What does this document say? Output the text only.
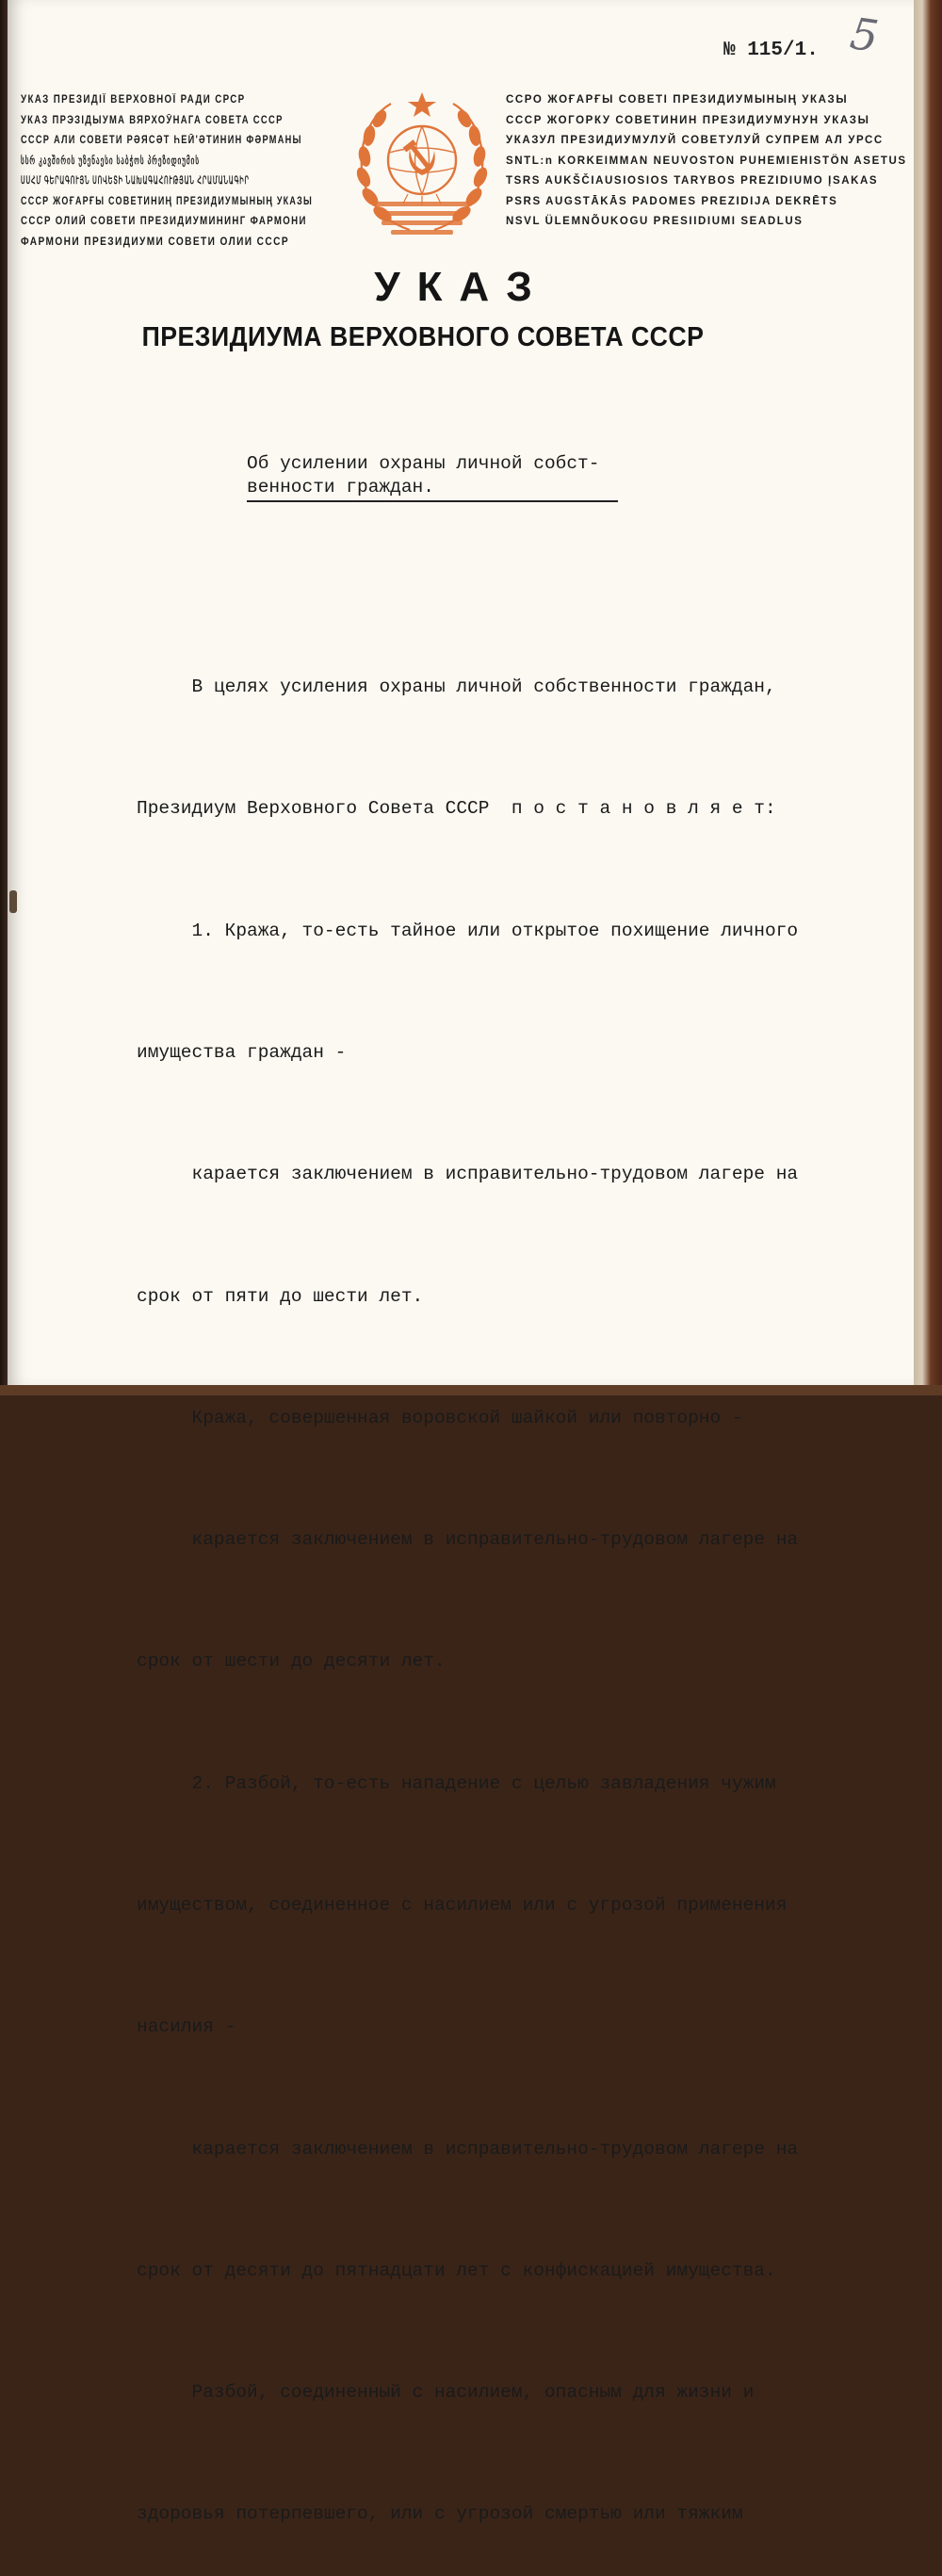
№ 115/1. 5
УКАЗ ПРЕЗИДІЇ ВЕРХОВНОЇ РАДИ СРСР
УКАЗ ПРЭЗІДЫУМА ВЯРХОЎНАГА СОВЕТА СССР
СССР АЛИ СОВЕТИ РӘЯСӘТ ҺЕЙ'ӘТИНИН ФӘРМАНЫ
სსრ კავშირის უზენაესი საბჭოს პრეზიდიუმის
ՍՍՀՄ ԳԵՐԱԳՈՒՅՆ ՍՈՎԵՏԻ ՆԱԽԱԳԱՀՈՒԹՅԱՆ ՀՐԱՄԱՆԱԳԻՐ
СССР ЖОҒАРҒЫ СОВЕТИНИҢ ПРЕЗИДИУМЫНЫҢ УКАЗЫ
СССР ОЛИЙ СОВЕТИ ПРЕЗИДИУМИНИНГ ФАРМОНИ
ФАРМОНИ ПРЕЗИДИУМИ СОВЕТИ ОЛИИ СССР
ССРО ЖОҒАРҒЫ СОВЕТІ ПРЕЗИДИУМЫНЫҢ УКАЗЫ
СССР ЖОГОРКУ СОВЕТИНИН ПРЕЗИДИУМУНУН УКАЗЫ
УКАЗУЛ ПРЕЗИДИУМУЛУЙ СОВЕТУЛУЙ СУПРЕМ АЛ УРСС
SNTL:n KORKEIMMAN NEUVOSTON PUHEMIEHISTÖN ASETUS
TSRS AUKŠČIAUSIOSIOS TARYBOS PREZIDIUMO ĮSAKAS
PSRS AUGSTĀKĀS PADOMES PREZIDIJA DEKRĒTS
NSVL ÜLEMNÕUKOGU PRESIIDIUMI SEADLUS
УКАЗ
ПРЕЗИДИУМА ВЕРХОВНОГО СОВЕТА СССР
Об усилении охраны личной собст-
венности граждан.

В целях усиления охраны личной собственности граждан,

Президиум Верховного Совета СССР  п о с т а н о в л я е т:

1. Кража, то-есть тайное или открытое похищение личного

имущества граждан -

карается заключением в исправительно-трудовом лагере на

срок от пяти до шести лет.

Кража, совершенная воровской шайкой или повторно -

карается заключением в исправительно-трудовом лагере на

срок от шести до десяти лет.

2. Разбой, то-есть нападение с целью завладения чужим

имуществом, соединенное с насилием или с угрозой применения

насилия -

карается заключением в исправительно-трудовом лагере на

срок от десяти до пятнадцати лет с конфискацией имущества.

Разбой, соединенный с насилием, опасным для жизни и

здоровья потерпевшего, или с угрозой смертью или тяжким
